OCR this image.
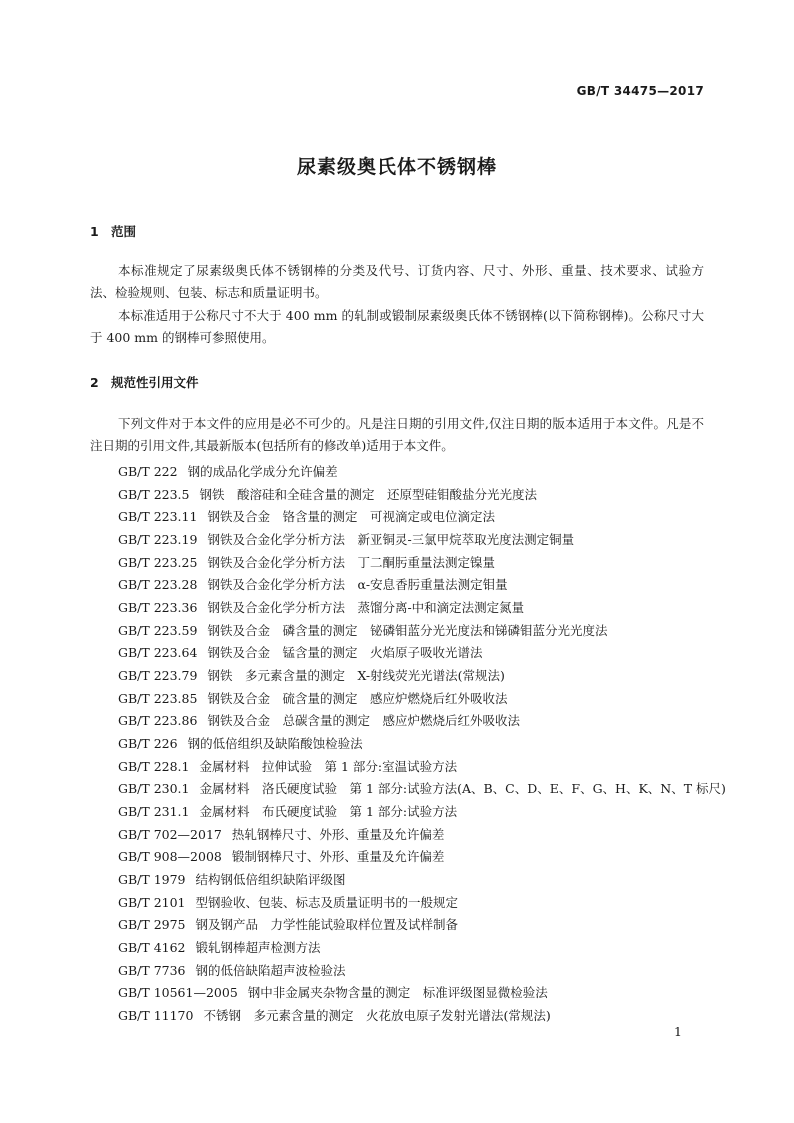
GB/T 34475—2017
尿素级奥氏体不锈钢棒
1 范围
本标准规定了尿素级奥氏体不锈钢棒的分类及代号、订货内容、尺寸、外形、重量、技术要求、试验方法、检验规则、包装、标志和质量证明书。
本标准适用于公称尺寸不大于 400 mm 的轧制或锻制尿素级奥氏体不锈钢棒(以下简称钢棒)。公称尺寸大于 400 mm 的钢棒可参照使用。
2 规范性引用文件
下列文件对于本文件的应用是必不可少的。凡是注日期的引用文件,仅注日期的版本适用于本文件。凡是不注日期的引用文件,其最新版本(包括所有的修改单)适用于本文件。
GB/T 222 钢的成品化学成分允许偏差
GB/T 223.5 钢铁　酸溶硅和全硅含量的测定　还原型硅钼酸盐分光光度法
GB/T 223.11 钢铁及合金　铬含量的测定　可视滴定或电位滴定法
GB/T 223.19 钢铁及合金化学分析方法　新亚铜灵-三氯甲烷萃取光度法测定铜量
GB/T 223.25 钢铁及合金化学分析方法　丁二酮肟重量法测定镍量
GB/T 223.28 钢铁及合金化学分析方法　α-安息香肟重量法测定钼量
GB/T 223.36 钢铁及合金化学分析方法　蒸馏分离-中和滴定法测定氮量
GB/T 223.59 钢铁及合金　磷含量的测定　铋磷钼蓝分光光度法和锑磷钼蓝分光光度法
GB/T 223.64 钢铁及合金　锰含量的测定　火焰原子吸收光谱法
GB/T 223.79 钢铁　多元素含量的测定　X-射线荧光光谱法(常规法)
GB/T 223.85 钢铁及合金　硫含量的测定　感应炉燃烧后红外吸收法
GB/T 223.86 钢铁及合金　总碳含量的测定　感应炉燃烧后红外吸收法
GB/T 226 钢的低倍组织及缺陷酸蚀检验法
GB/T 228.1 金属材料　拉伸试验　第 1 部分:室温试验方法
GB/T 230.1 金属材料　洛氏硬度试验　第 1 部分:试验方法(A、B、C、D、E、F、G、H、K、N、T 标尺)
GB/T 231.1 金属材料　布氏硬度试验　第 1 部分:试验方法
GB/T 702—2017 热轧钢棒尺寸、外形、重量及允许偏差
GB/T 908—2008 锻制钢棒尺寸、外形、重量及允许偏差
GB/T 1979 结构钢低倍组织缺陷评级图
GB/T 2101 型钢验收、包装、标志及质量证明书的一般规定
GB/T 2975 钢及钢产品　力学性能试验取样位置及试样制备
GB/T 4162 锻轧钢棒超声检测方法
GB/T 7736 钢的低倍缺陷超声波检验法
GB/T 10561—2005 钢中非金属夹杂物含量的测定　标准评级图显微检验法
GB/T 11170 不锈钢　多元素含量的测定　火花放电原子发射光谱法(常规法)
1
